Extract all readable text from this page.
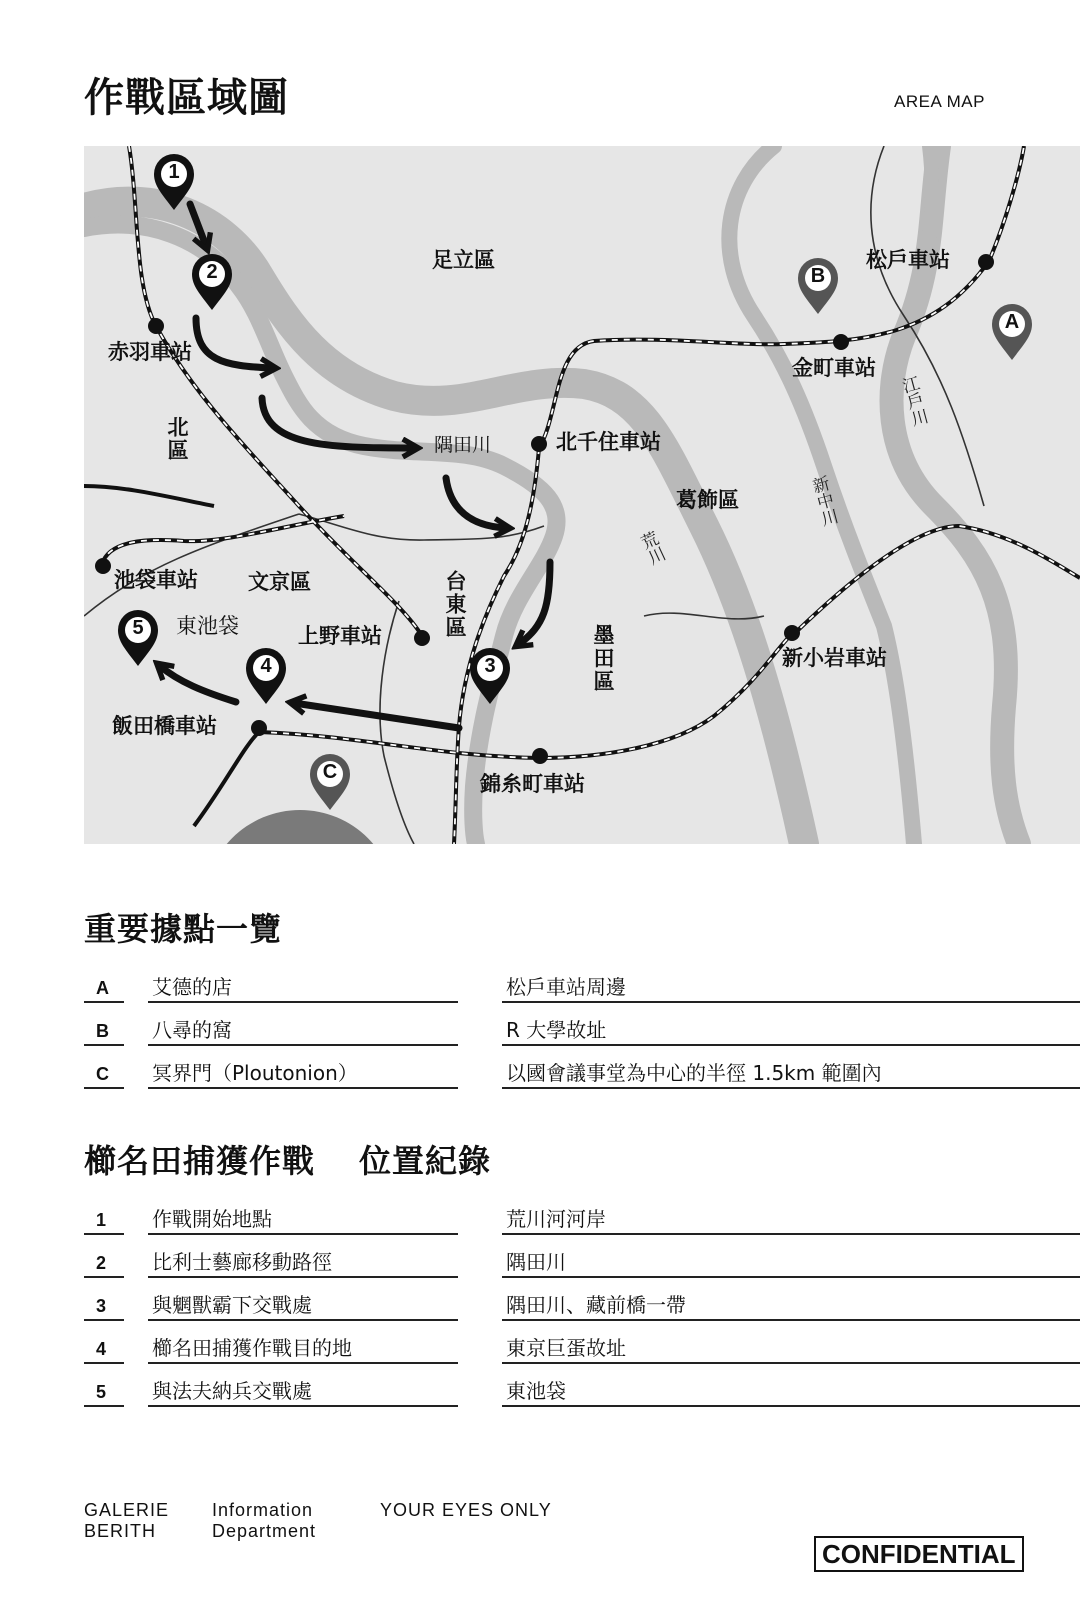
作戰區域圖	AREA MAP
1
2
3
4
5
A
B
C
足立區
北區
葛飾區
文京區	台東區
墨田區
松戶車站
金町車站
赤羽車站
北千住車站
池袋車站
上野車站
飯田橋車站
錦糸町車站
新小岩車站
東池袋
隅田川
江戶川
新中川
荒川
重要據點一覽
A	艾德的店	松戶車站周邊
B	八尋的窩	R 大學故址
C	冥界門（Ploutonion）	以國會議事堂為中心的半徑 1.5km 範圍內
櫛名田捕獲作戰 位置紀錄
1	作戰開始地點	荒川河河岸
2	比利士藝廊移動路徑	隅田川
3	與魍獸霸下交戰處	隅田川、藏前橋一帶
4	櫛名田捕獲作戰目的地	東京巨蛋故址
5	與法夫納兵交戰處	東池袋
GALERIE
BERITH
Information
Department
YOUR EYES ONLY
CONFIDENTIAL
